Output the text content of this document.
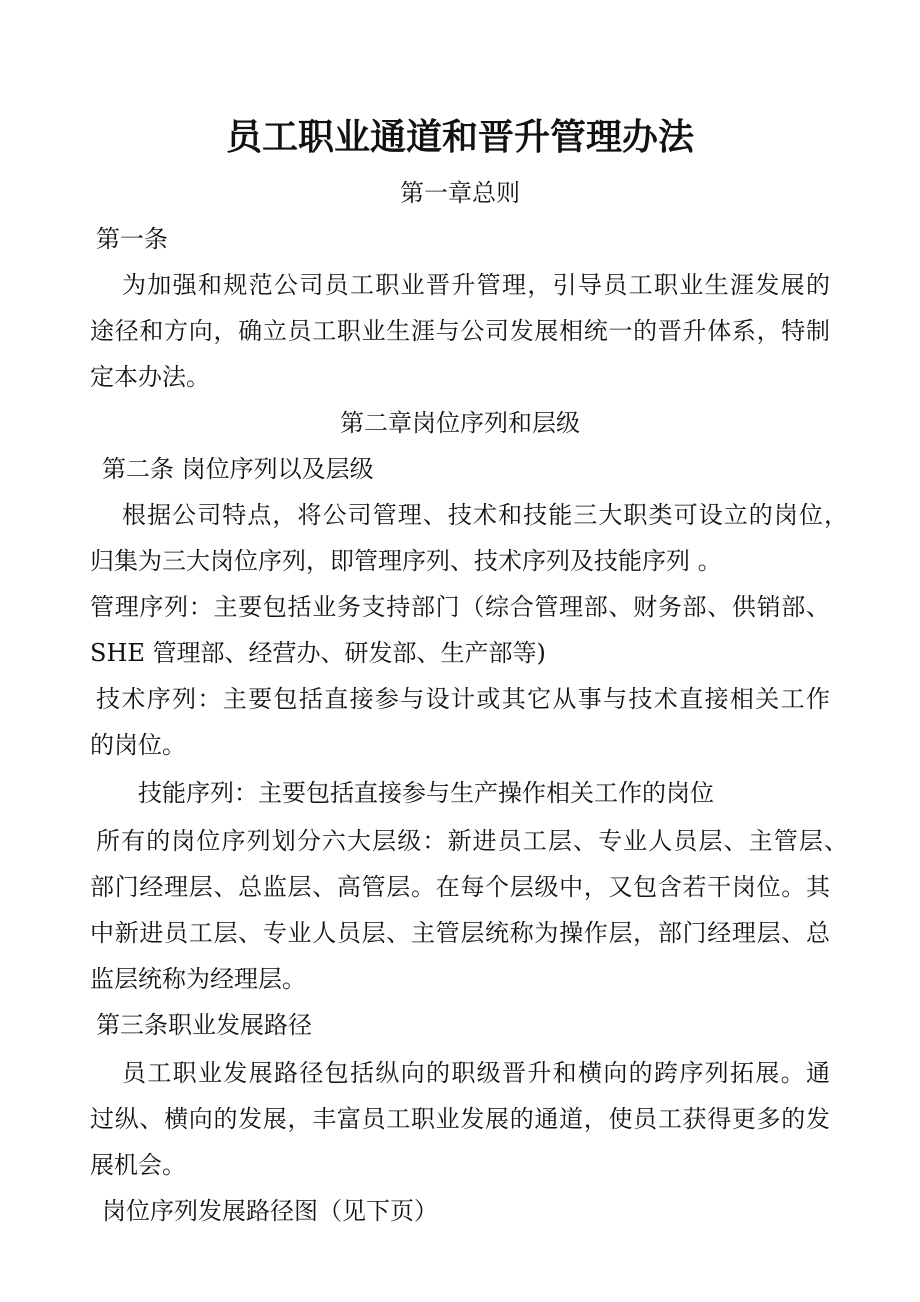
员工职业通道和晋升管理办法

第一章总则

第一条

为加强和规范公司员工职业晋升管理，引导员工职业生涯发展的

途径和方向，确立员工职业生涯与公司发展相统一的晋升体系，特制

定本办法。

第二章岗位序列和层级

第二条 岗位序列以及层级

根据公司特点，将公司管理、技术和技能三大职类可设立的岗位，

归集为三大岗位序列，即管理序列、技术序列及技能序列 。

管理序列：主要包括业务支持部门（综合管理部、财务部、供销部、

SHE 管理部、经营办、研发部、生产部等)

技术序列：主要包括直接参与设计或其它从事与技术直接相关工作

的岗位。

技能序列：主要包括直接参与生产操作相关工作的岗位

所有的岗位序列划分六大层级：新进员工层、专业人员层、主管层、

部门经理层、总监层、高管层。在每个层级中，又包含若干岗位。其

中新进员工层、专业人员层、主管层统称为操作层，部门经理层、总

监层统称为经理层。

第三条职业发展路径

员工职业发展路径包括纵向的职级晋升和横向的跨序列拓展。通

过纵、横向的发展，丰富员工职业发展的通道，使员工获得更多的发

展机会。

岗位序列发展路径图（见下页）
